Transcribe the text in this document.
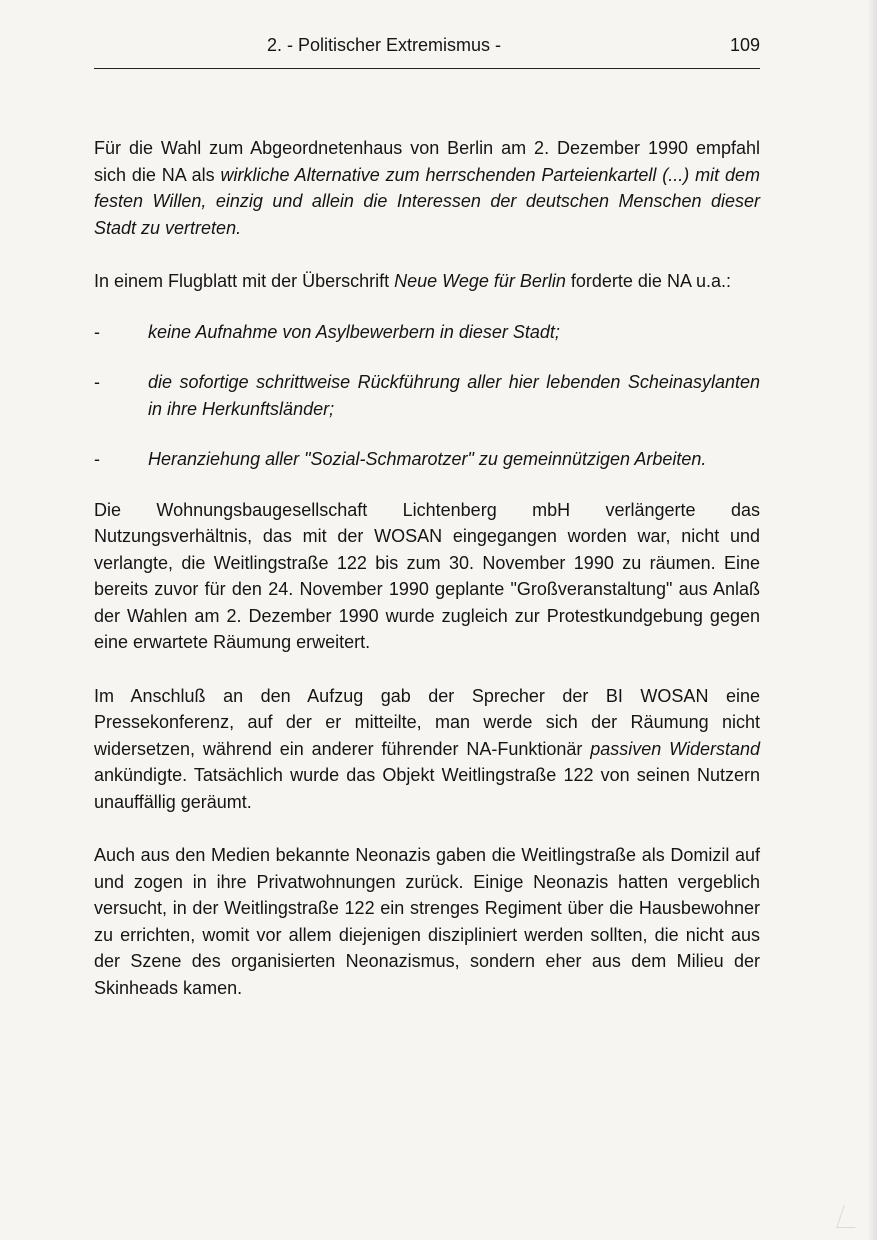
2. - Politischer Extremismus -	109

Für die Wahl zum Abgeordnetenhaus von Berlin am 2. Dezember 1990 empfahl sich die NA als wirkliche Alternative zum herrschenden Parteienkartell (...) mit dem festen Willen, einzig und allein die Interessen der deutschen Menschen dieser Stadt zu vertreten.

In einem Flugblatt mit der Überschrift Neue Wege für Berlin forderte die NA u.a.:

-	keine Aufnahme von Asylbewerbern in dieser Stadt;
-	die sofortige schrittweise Rückführung aller hier lebenden Scheinasylanten in ihre Herkunftsländer;
-	Heranziehung aller "Sozial-Schmarotzer" zu gemeinnützigen Arbeiten.

Die Wohnungsbaugesellschaft Lichtenberg mbH verlängerte das Nutzungsverhältnis, das mit der WOSAN eingegangen worden war, nicht und verlangte, die Weitlingstraße 122 bis zum 30. November 1990 zu räumen. Eine bereits zuvor für den 24. November 1990 geplante "Großveranstaltung" aus Anlaß der Wahlen am 2. Dezember 1990 wurde zugleich zur Protestkundgebung gegen eine erwartete Räumung erweitert.

Im Anschluß an den Aufzug gab der Sprecher der BI WOSAN eine Pressekonferenz, auf der er mitteilte, man werde sich der Räumung nicht widersetzen, während ein anderer führender NA-Funktionär passiven Widerstand ankündigte. Tatsächlich wurde das Objekt Weitlingstraße 122 von seinen Nutzern unauffällig geräumt.

Auch aus den Medien bekannte Neonazis gaben die Weitlingstraße als Domizil auf und zogen in ihre Privatwohnungen zurück. Einige Neonazis hatten vergeblich versucht, in der Weitlingstraße 122 ein strenges Regiment über die Hausbewohner zu errichten, womit vor allem diejenigen diszipliniert werden sollten, die nicht aus der Szene des organisierten Neonazismus, sondern eher aus dem Milieu der Skinheads kamen.
